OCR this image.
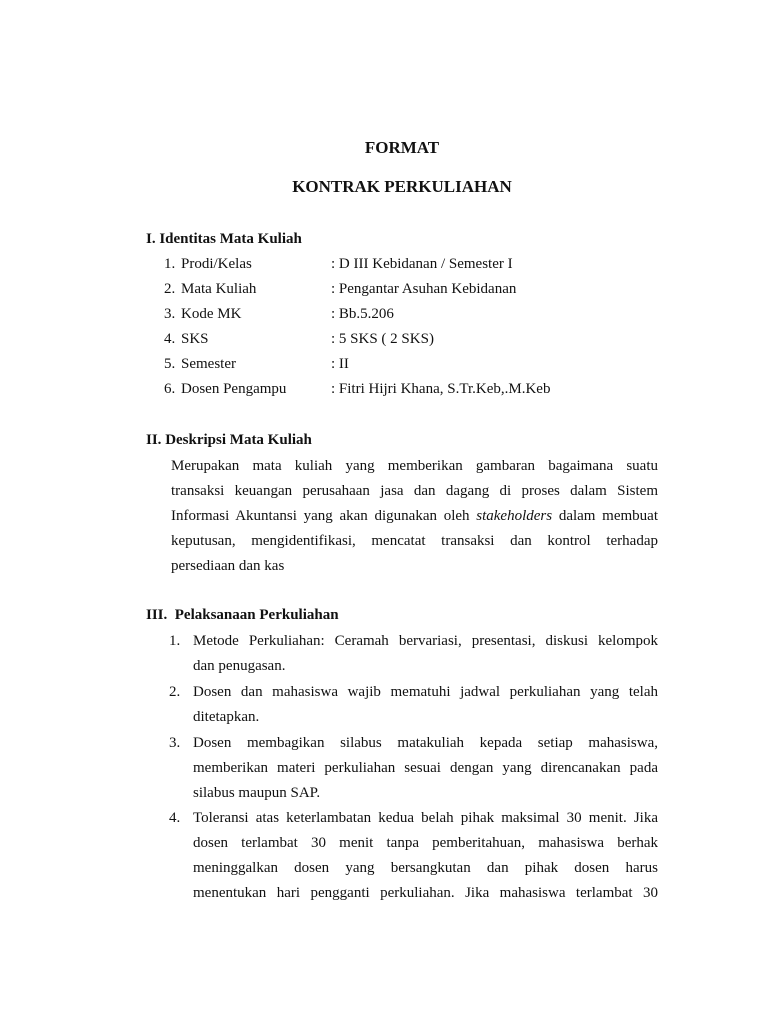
FORMAT
KONTRAK PERKULIAHAN
I. Identitas Mata Kuliah
1. Prodi/Kelas	: D III Kebidanan / Semester I
2. Mata Kuliah	: Pengantar Asuhan Kebidanan
3. Kode MK	: Bb.5.206
4. SKS	: 5 SKS ( 2 SKS)
5. Semester	: II
6. Dosen Pengampu	: Fitri Hijri Khana, S.Tr.Keb,.M.Keb
II. Deskripsi Mata Kuliah
Merupakan mata kuliah yang memberikan gambaran bagaimana suatu
transaksi keuangan perusahaan jasa dan dagang di proses dalam Sistem
Informasi Akuntansi yang akan digunakan oleh stakeholders dalam membuat
keputusan, mengidentifikasi, mencatat transaksi dan kontrol terhadap
persediaan dan kas
III. Pelaksanaan Perkuliahan
1. Metode Perkuliahan: Ceramah bervariasi, presentasi, diskusi kelompok
dan penugasan.
2. Dosen dan mahasiswa wajib mematuhi jadwal perkuliahan yang telah
ditetapkan.
3. Dosen membagikan silabus matakuliah kepada setiap mahasiswa,
memberikan materi perkuliahan sesuai dengan yang direncanakan pada
silabus maupun SAP.
4. Toleransi atas keterlambatan kedua belah pihak maksimal 30 menit. Jika
dosen terlambat 30 menit tanpa pemberitahuan, mahasiswa berhak
meninggalkan dosen yang bersangkutan dan pihak dosen harus
menentukan hari pengganti perkuliahan. Jika mahasiswa terlambat 30
